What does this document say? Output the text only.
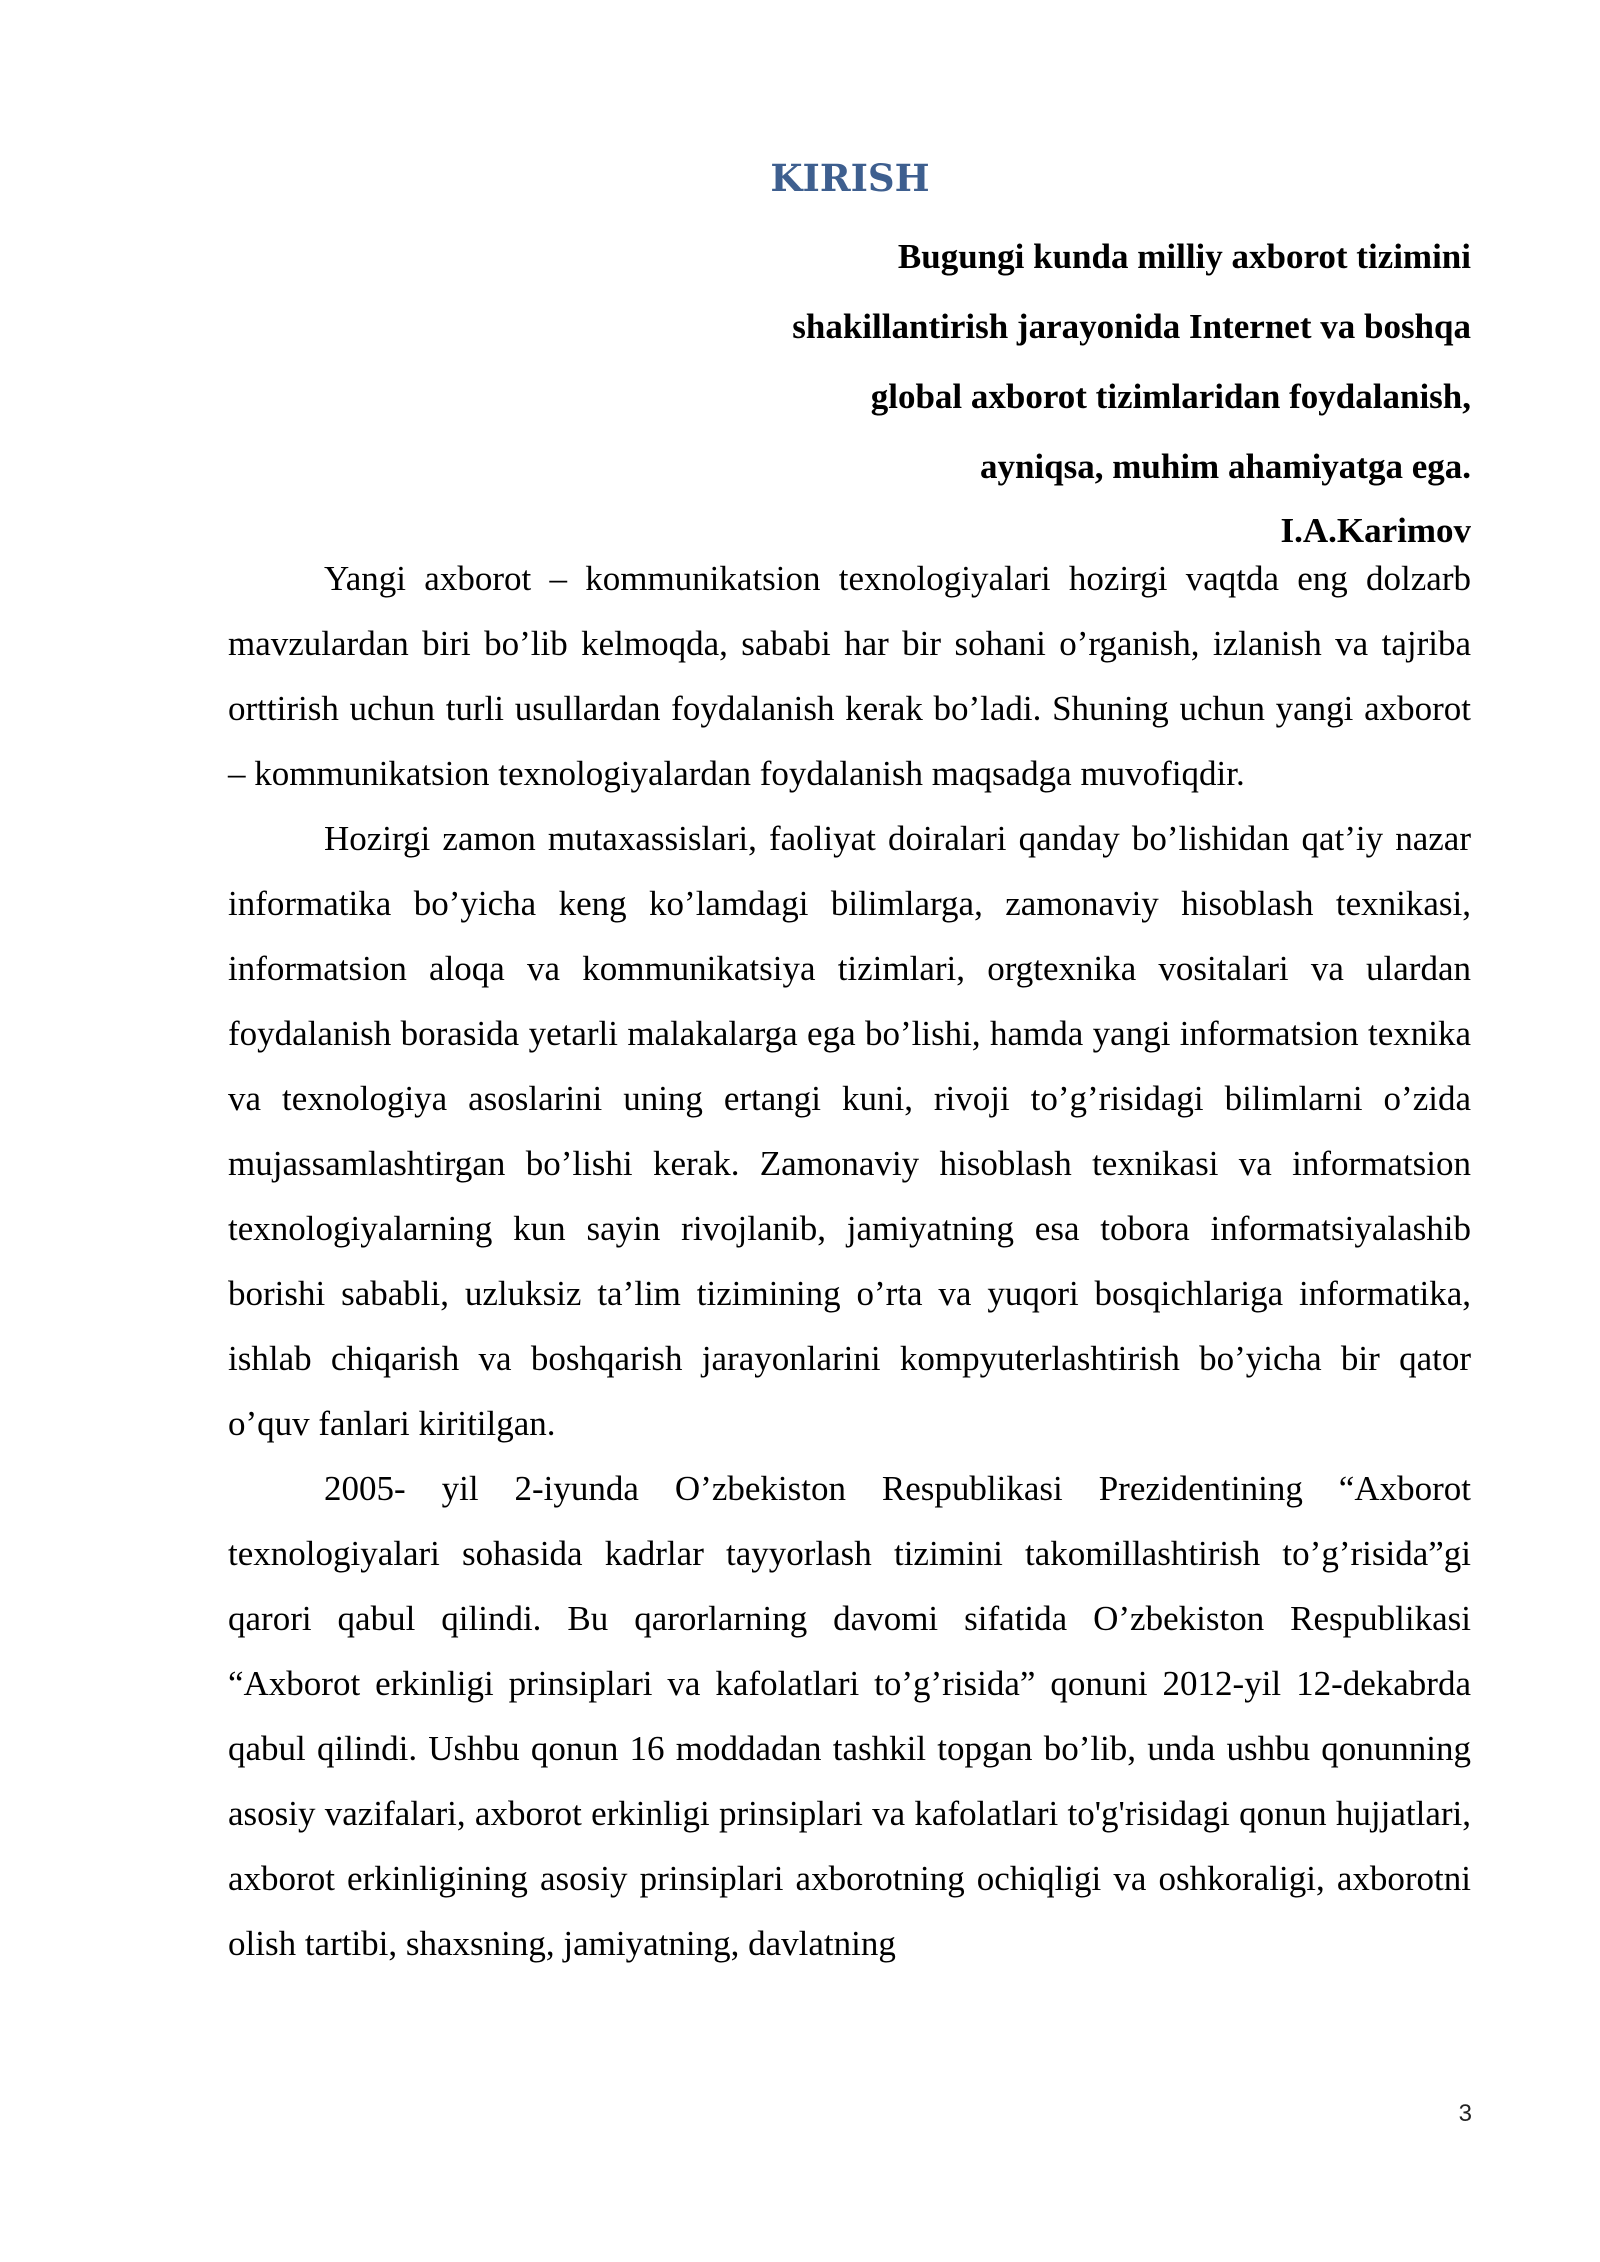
KIRISH
Bugungi kunda milliy axborot tizimini
shakillantirish jarayonida Internet va boshqa
global axborot tizimlaridan foydalanish,
ayniqsa, muhim ahamiyatga ega.
I.A.Karimov

Yangi axborot – kommunikatsion texnologiyalari hozirgi vaqtda eng dolzarb mavzulardan biri bo’lib kelmoqda, sababi har bir sohani o’rganish, izlanish va tajriba orttirish uchun turli usullardan foydalanish kerak bo’ladi. Shuning uchun yangi axborot – kommunikatsion texnologiyalardan foydalanish maqsadga muvofiqdir.

Hozirgi zamon mutaxassislari, faoliyat doiralari qanday bo’lishidan qat’iy nazar informatika bo’yicha keng ko’lamdagi bilimlarga, zamonaviy hisoblash texnikasi, informatsion aloqa va kommunikatsiya tizimlari, orgtexnika vositalari va ulardan foydalanish borasida yetarli malakalarga ega bo’lishi, hamda yangi informatsion texnika va texnologiya asoslarini uning ertangi kuni, rivoji to’g’risidagi bilimlarni o’zida mujassamlashtirgan bo’lishi kerak. Zamonaviy hisoblash texnikasi va informatsion texnologiyalarning kun sayin rivojlanib, jamiyatning esa tobora informatsiyalashib borishi sababli, uzluksiz ta’lim tizimining o’rta va yuqori bosqichlariga informatika, ishlab chiqarish va boshqarish jarayonlarini kompyuterlashtirish bo’yicha bir qator o’quv fanlari kiritilgan.

2005- yil 2-iyunda O’zbekiston Respublikasi Prezidentining “Axborot texnologiyalari sohasida kadrlar tayyorlash tizimini takomillashtirish to’g’risida”gi qarori qabul qilindi. Bu qarorlarning davomi sifatida O’zbekiston Respublikasi “Axborot erkinligi prinsiplari va kafolatlari to’g’risida” qonuni 2012-yil 12-dekabrda qabul qilindi. Ushbu qonun 16 moddadan tashkil topgan bo’lib, unda ushbu qonunning asosiy vazifalari, axborot erkinligi prinsiplari va kafolatlari to'g'risidagi qonun hujjatlari, axborot erkinligining asosiy prinsiplari axborotning ochiqligi va oshkoraligi, axborotni olish tartibi, shaxsning, jamiyatning, davlatning

3
